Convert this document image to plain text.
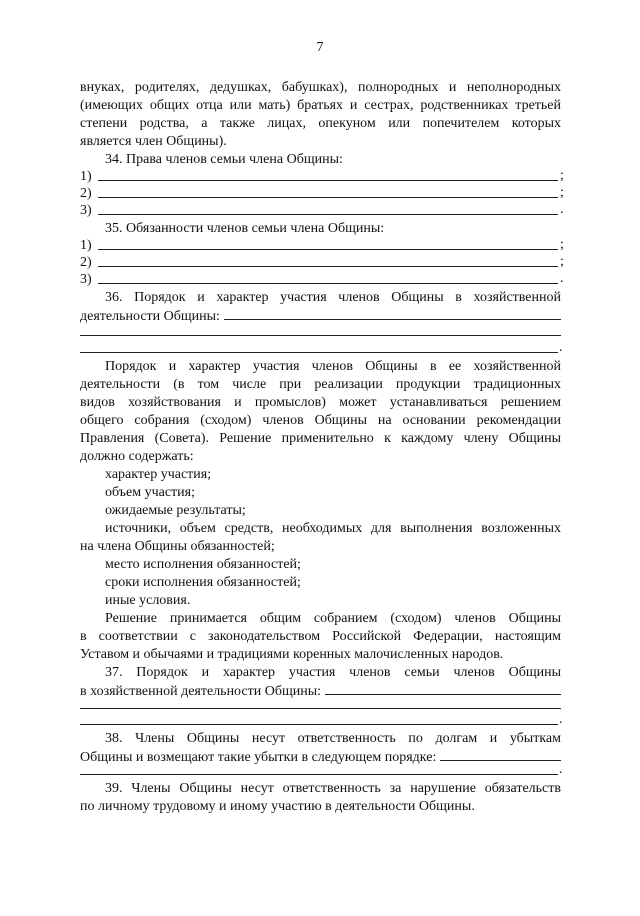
7
внуках, родителях, дедушках, бабушках), полнородных и неполнородных
(имеющих общих отца или мать) братьях и сестрах, родственниках третьей
степени родства, а также лицах, опекуном или попечителем которых
является член Общины).
34. Права членов семьи члена Общины:
1)	;
2)	;
3)	.
35. Обязанности членов семьи члена Общины:
1)	;
2)	;
3)	.
36. Порядок и характер участия членов Общины в хозяйственной
деятельности Общины:
.
Порядок и характер участия членов Общины в ее хозяйственной
деятельности (в том числе при реализации продукции традиционных
видов хозяйствования и промыслов) может устанавливаться решением
общего собрания (сходом) членов Общины на основании рекомендации
Правления (Совета). Решение применительно к каждому члену Общины
должно содержать:
характер участия;
объем участия;
ожидаемые результаты;
источники, объем средств, необходимых для выполнения возложенных
на члена Общины обязанностей;
место исполнения обязанностей;
сроки исполнения обязанностей;
иные условия.
Решение принимается общим собранием (сходом) членов Общины
в соответствии с законодательством Российской Федерации, настоящим
Уставом и обычаями и традициями коренных малочисленных народов.
37. Порядок и характер участия членов семьи членов Общины
в хозяйственной деятельности Общины:
.
38. Члены Общины несут ответственность по долгам и убыткам
Общины и возмещают такие убытки в следующем порядке:
.
39. Члены Общины несут ответственность за нарушение обязательств
по личному трудовому и иному участию в деятельности Общины.
